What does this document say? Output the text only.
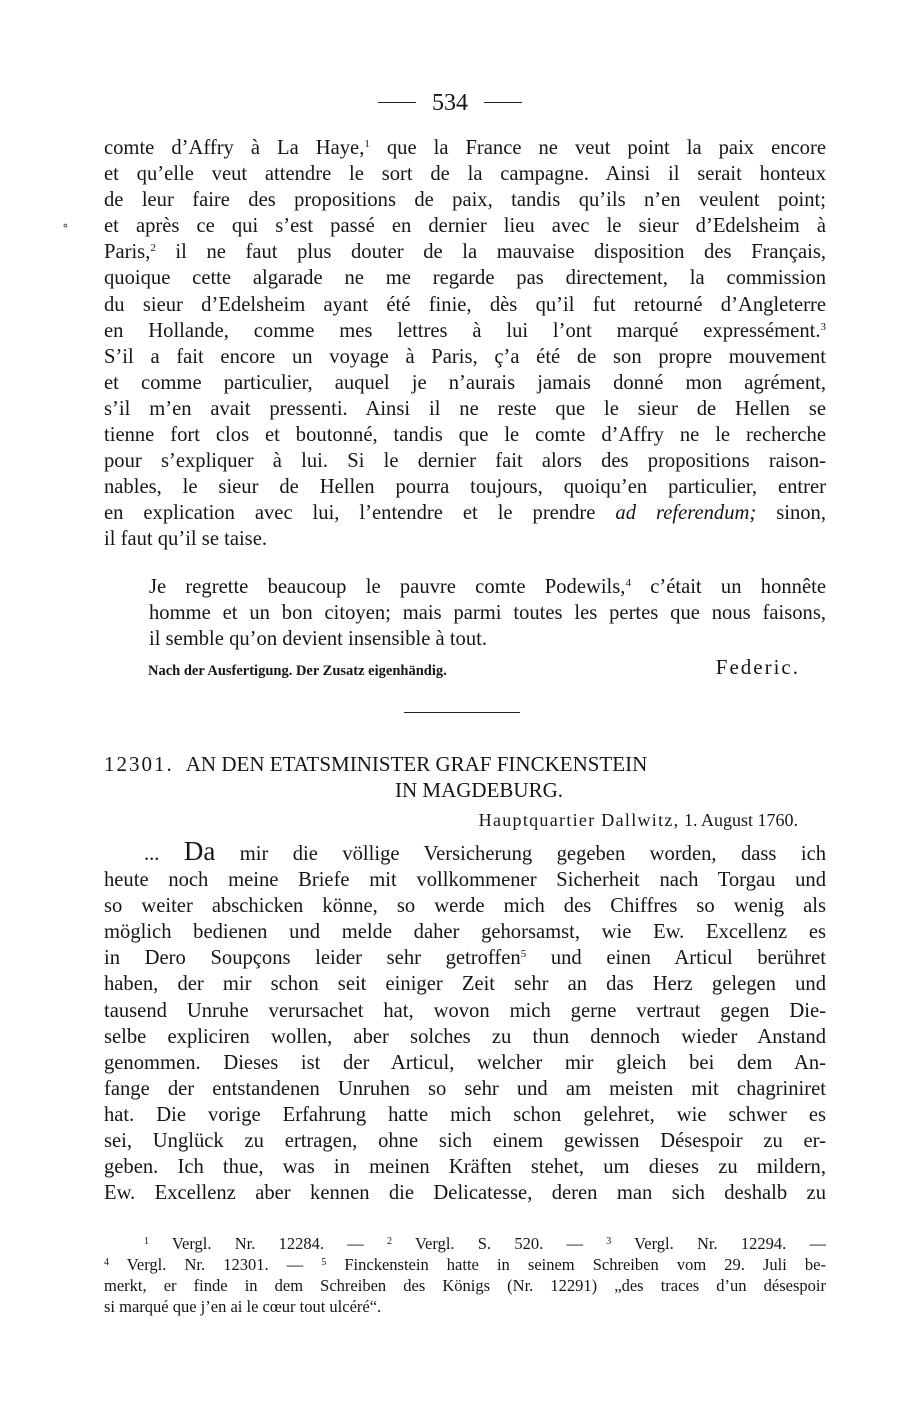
534
∘
comte d’Affry à La Haye,$^1$ que la France ne veut point la paix encore
et qu’elle veut attendre le sort de la campagne. Ainsi il serait honteux
de leur faire des propositions de paix, tandis qu’ils n’en veulent point;
et après ce qui s’est passé en dernier lieu avec le sieur d’Edelsheim à
Paris,$^2$ il ne faut plus douter de la mauvaise disposition des Français,
quoique cette algarade ne me regarde pas directement, la commission
du sieur d’Edelsheim ayant été finie, dès qu’il fut retourné d’Angleterre
en Hollande, comme mes lettres à lui l’ont marqué expressément.$^3$
S’il a fait encore un voyage à Paris, ç’a été de son propre mouvement
et comme particulier, auquel je n’aurais jamais donné mon agrément,
s’il m’en avait pressenti. Ainsi il ne reste que le sieur de Hellen se
tienne fort clos et boutonné, tandis que le comte d’Affry ne le recherche
pour s’expliquer à lui. Si le dernier fait alors des propositions raison-
nables, le sieur de Hellen pourra toujours, quoiqu’en particulier, entrer
en explication avec lui, l’entendre et le prendre ad referendum; sinon,
il faut qu’il se taise.
Je regrette beaucoup le pauvre comte Podewils,$^4$ c’était un honnête
homme et un bon citoyen; mais parmi toutes les pertes que nous faisons,
il semble qu’on devient insensible à tout.
Nach der Ausfertigung. Der Zusatz eigenhändig.	Federic.
12301. AN DEN ETATSMINISTER GRAF FINCKENSTEIN
IN MAGDEBURG.
Hauptquartier Dallwitz, 1. August 1760.
... Da mir die völlige Versicherung gegeben worden, dass ich
heute noch meine Briefe mit vollkommener Sicherheit nach Torgau und
so weiter abschicken könne, so werde mich des Chiffres so wenig als
möglich bedienen und melde daher gehorsamst, wie Ew. Excellenz es
in Dero Soupçons leider sehr getroffen$^5$ und einen Articul berühret
haben, der mir schon seit einiger Zeit sehr an das Herz gelegen und
tausend Unruhe verursachet hat, wovon mich gerne vertraut gegen Die-
selbe expliciren wollen, aber solches zu thun dennoch wieder Anstand
genommen. Dieses ist der Articul, welcher mir gleich bei dem An-
fange der entstandenen Unruhen so sehr und am meisten mit chagriniret
hat. Die vorige Erfahrung hatte mich schon gelehret, wie schwer es
sei, Unglück zu ertragen, ohne sich einem gewissen Désespoir zu er-
geben. Ich thue, was in meinen Kräften stehet, um dieses zu mildern,
Ew. Excellenz aber kennen die Delicatesse, deren man sich deshalb zu
$^1$ Vergl. Nr. 12284. — $^2$ Vergl. S. 520. — $^3$ Vergl. Nr. 12294. —
$^4$ Vergl. Nr. 12301. — $^5$ Finckenstein hatte in seinem Schreiben vom 29. Juli be-
merkt, er finde in dem Schreiben des Königs (Nr. 12291) „des traces d’un désespoir
si marqué que j’en ai le cœur tout ulcéré“.
